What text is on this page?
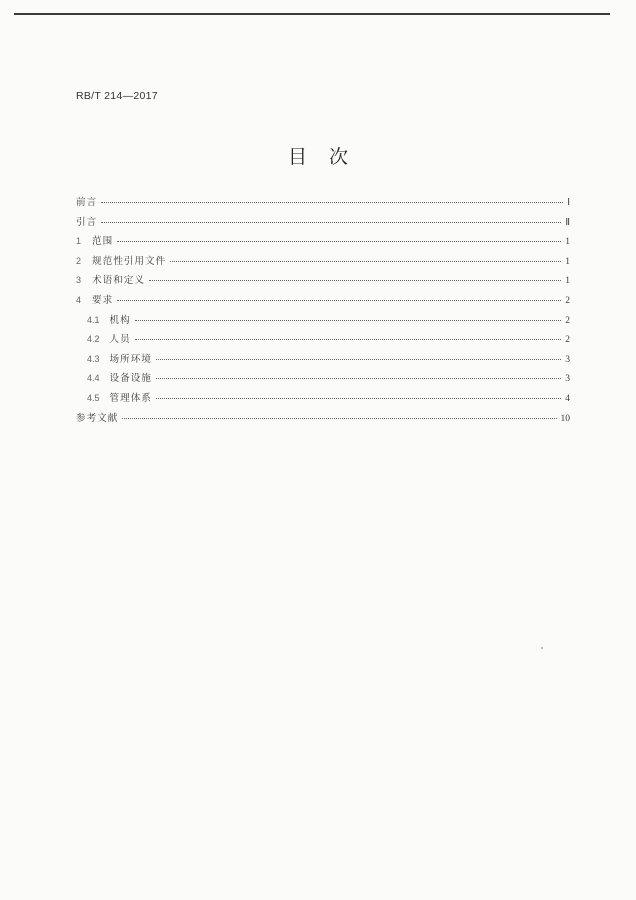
RB/T 214—2017
目次
前言	Ⅰ
引言	Ⅱ
1 范围	1
2 规范性引用文件	1
3 术语和定义	1
4 要求	2
4.1 机构	2
4.2 人员	2
4.3 场所环境	3
4.4 设备设施	3
4.5 管理体系	4
参考文献	10
